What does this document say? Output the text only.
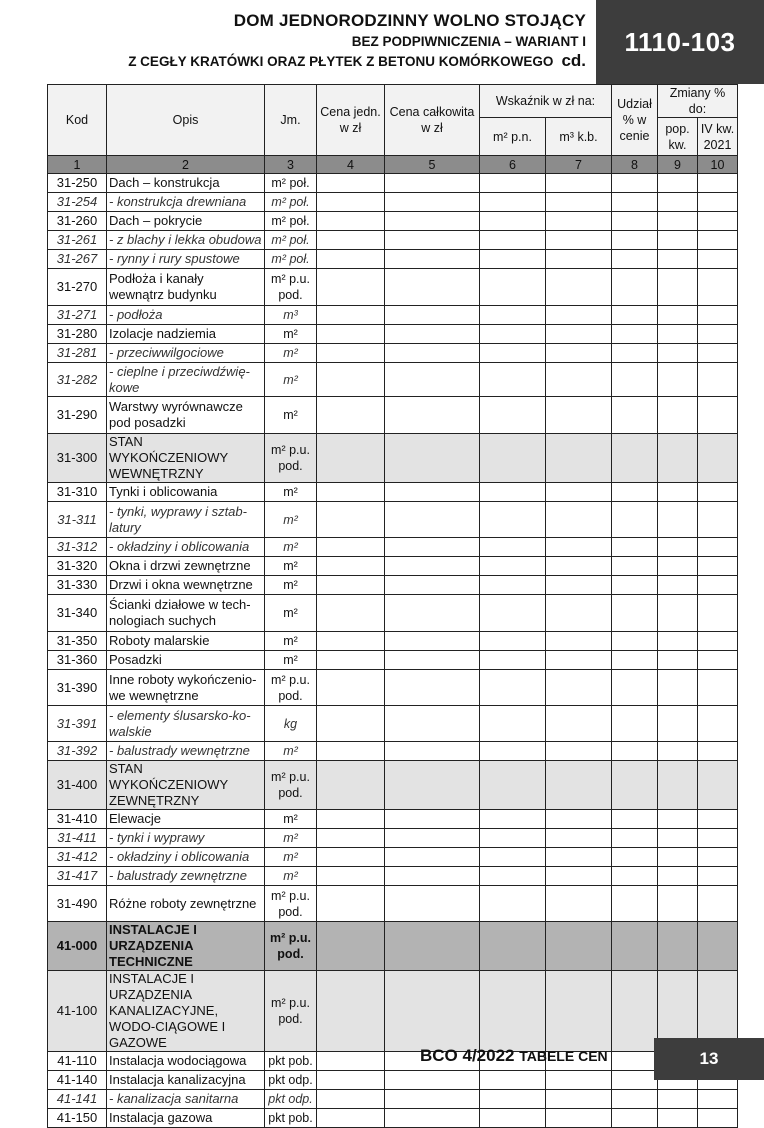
DOM JEDNORODZINNY WOLNO STOJĄCY
BEZ PODPIWNICZENIA – WARIANT I
Z CEGŁY KRATÓWKI ORAZ PŁYTEK Z BETONU KOMÓRKOWEGO cd.
1110-103
Kod	Opis	Jm.	Cena jedn. w zł	Cena całkowita w zł	Wskaźnik w zł na:		Udział % w cenie	Zmiany % do:	
					m² p.n.	m³ k.b.		pop. kw.	IV kw. 2021
1	2	3	4	5	6	7	8	9	10
31-250	Dach – konstrukcja	m² poł.							
31-254	- konstrukcja drewniana	m² poł.							
31-260	Dach – pokrycie	m² poł.							
31-261	- z blachy i lekka obudowa	m² poł.							
31-267	- rynny i rury spustowe	m² poł.							
31-270	Podłoża i kanały wewnątrz budynku	m² p.u. pod.							
31-271	- podłoża	m³							
31-280	Izolacje nadziemia	m²							
31-281	- przeciwwilgociowe	m²							
31-282	- cieplne i przeciwdźwię-kowe	m²							
31-290	Warstwy wyrównawcze pod posadzki	m²							
31-300	STAN WYKOŃCZENIOWY WEWNĘTRZNY	m² p.u. pod.							
31-310	Tynki i oblicowania	m²							
31-311	- tynki, wyprawy i sztab-latury	m²							
31-312	- okładziny i oblicowania	m²							
31-320	Okna i drzwi zewnętrzne	m²							
31-330	Drzwi i okna wewnętrzne	m²							
31-340	Ścianki działowe w tech-nologiach suchych	m²							
31-350	Roboty malarskie	m²							
31-360	Posadzki	m²							
31-390	Inne roboty wykończenio-we wewnętrzne	m² p.u. pod.							
31-391	- elementy ślusarsko-ko-walskie	kg							
31-392	- balustrady wewnętrzne	m²							
31-400	STAN WYKOŃCZENIOWY ZEWNĘTRZNY	m² p.u. pod.							
31-410	Elewacje	m²							
31-411	- tynki i wyprawy	m²							
31-412	- okładziny i oblicowania	m²							
31-417	- balustrady zewnętrzne	m²							
31-490	Różne roboty zewnętrzne	m² p.u. pod.							
41-000	INSTALACJE I URZĄDZENIA TECHNICZNE	m² p.u. pod.							
41-100	INSTALACJE I URZĄDZENIA KANALIZACYJNE, WODO-CIĄGOWE I GAZOWE	m² p.u. pod.							
41-110	Instalacja wodociągowa	pkt pob.							
41-140	Instalacja kanalizacyjna	pkt odp.							
41-141	- kanalizacja sanitarna	pkt odp.							
41-150	Instalacja gazowa	pkt pob.							
BCO 4/2022 TABELE CEN	13
